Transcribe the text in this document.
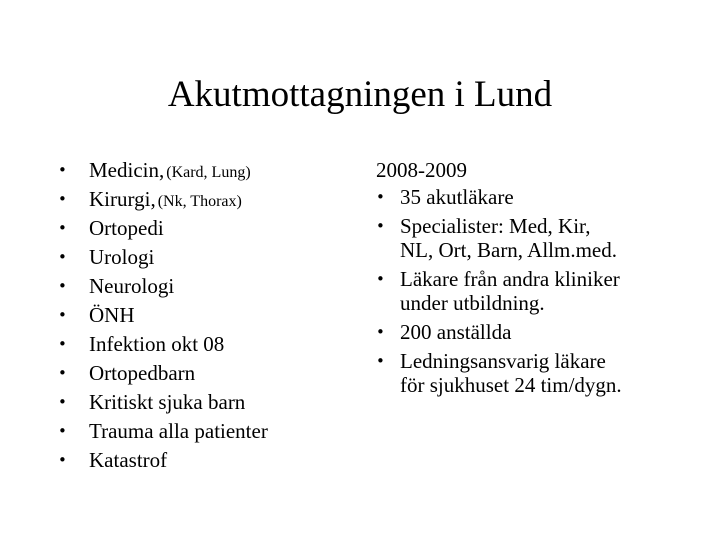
Akutmottagningen i Lund
•	Medicin, (Kard, Lung)
•	Kirurgi, (Nk, Thorax)
•	Ortopedi
•	Urologi
•	Neurologi
•	ÖNH
•	Infektion okt 08
•	Ortopedbarn
•	Kritiskt sjuka barn
•	Trauma alla patienter
•	Katastrof
2008-2009
• 35 akutläkare
• Specialister: Med, Kir,
NL, Ort, Barn, Allm.med.
• Läkare från andra kliniker
under utbildning.
• 200 anställda
• Ledningsansvarig läkare
för sjukhuset 24 tim/dygn.
